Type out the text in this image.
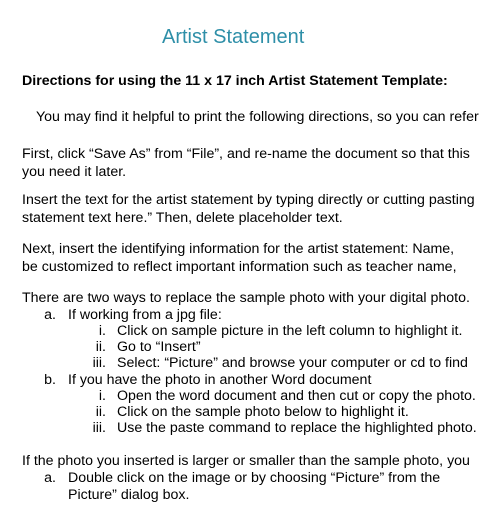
Artist Statement
Directions for using the 11 x 17 inch Artist Statement Template:
You may find it helpful to print the following directions, so you can refer
First, click “Save As” from “File”, and re-name the document so that this
you need it later.
Insert the text for the artist statement by typing directly or cutting pasting
statement text here.” Then, delete placeholder text.
Next, insert the identifying information for the artist statement: Name,
be customized to reflect important information such as teacher name,
There are two ways to replace the sample photo with your digital photo.
a. If working from a jpg file:
i. Click on sample picture in the left column to highlight it.
ii. Go to “Insert”
iii. Select: “Picture” and browse your computer or cd to find
b. If you have the photo in another Word document
i. Open the word document and then cut or copy the photo.
ii. Click on the sample photo below to highlight it.
iii. Use the paste command to replace the highlighted photo.
If the photo you inserted is larger or smaller than the sample photo, you
a. Double click on the image or by choosing “Picture” from the
Picture” dialog box.
